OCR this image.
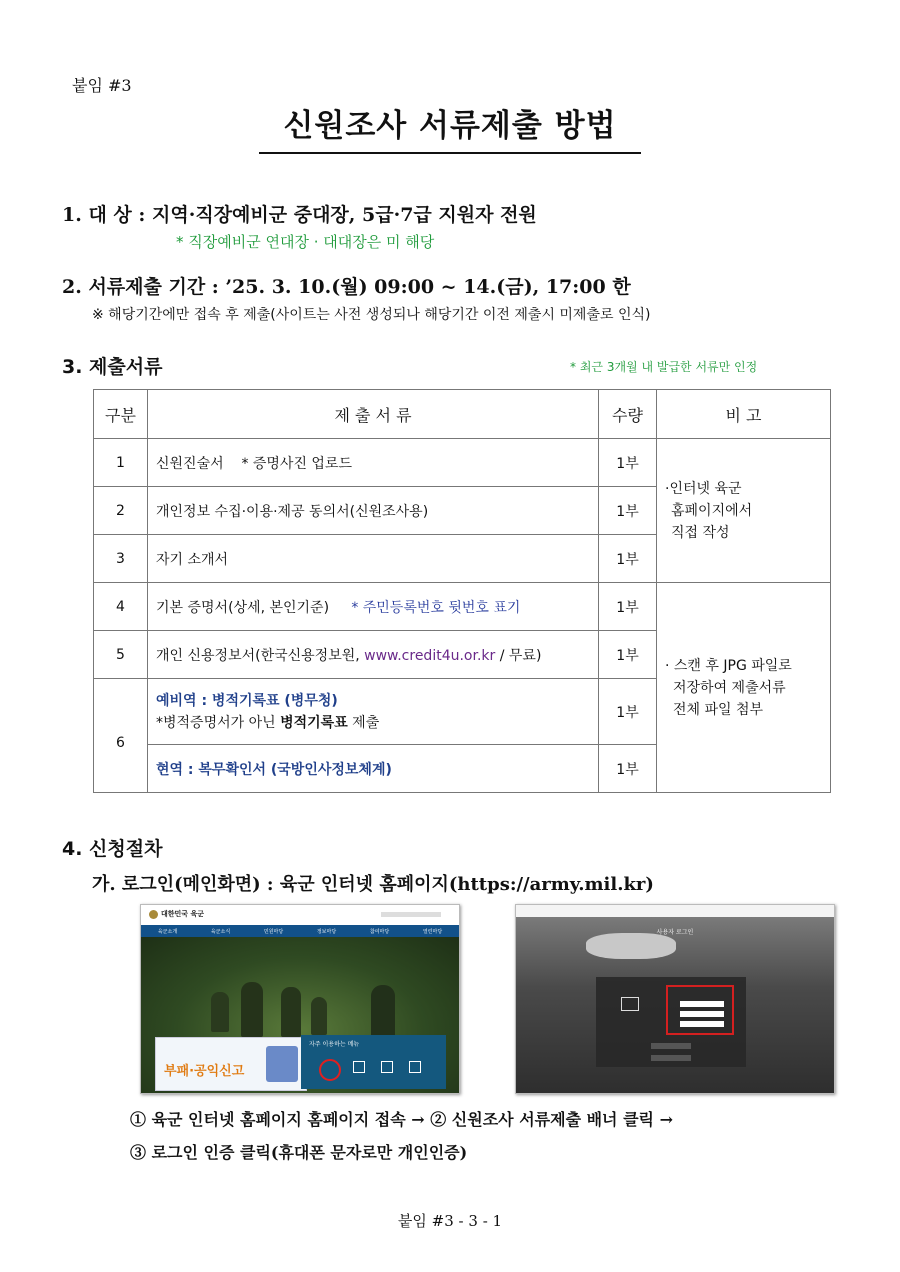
붙임 #3
신원조사 서류제출 방법
1. 대 상 : 지역·직장예비군 중대장, 5급·7급 지원자 전원
* 직장예비군 연대장 · 대대장은 미 해당
2. 서류제출 기간 : ’25. 3. 10.(월) 09:00 ~ 14.(금), 17:00 한
※ 해당기간에만 접속 후 제출(사이트는 사전 생성되나 해당기간 이전 제출시 미제출로 인식)
3. 제출서류	* 최근 3개월 내 발급한 서류만 인정
구분	제 출 서 류	수량	비 고
1	신원진술서 * 증명사진 업로드	1부	·인터넷 육군
홈페이지에서
직접 작성

2	개인정보 수집·이용·제공 동의서(신원조사용)	1부	
3	자기 소개서	1부	
4	기본 증명서(상세, 본인기준) * 주민등록번호 뒷번호 표기	1부	· 스캔 후 JPG 파일로
저장하여 제출서류
전체 파일 첨부

5	개인 신용정보서(한국신용정보원, www.credit4u.or.kr / 무료)	1부	
6	예비역 : 병적기록표 (병무청)
*병적증명서가 아닌 병적기록표 제출	1부	
	현역 : 복무확인서 (국방인사정보체계)	1부	
4. 신청절차
가. 로그인(메인화면) : 육군 인터넷 홈페이지(https://army.mil.kr)
대한민국 육군
육군소개	육군소식	민원마당	정보마당	참여마당	열린마당
부패·공익신고
자주 이용하는 메뉴
사용자 로그인
① 육군 인터넷 홈페이지 홈페이지 접속 → ② 신원조사 서류제출 배너 클릭 →
③ 로그인 인증 클릭(휴대폰 문자로만 개인인증)
붙임 #3 - 3 - 1
